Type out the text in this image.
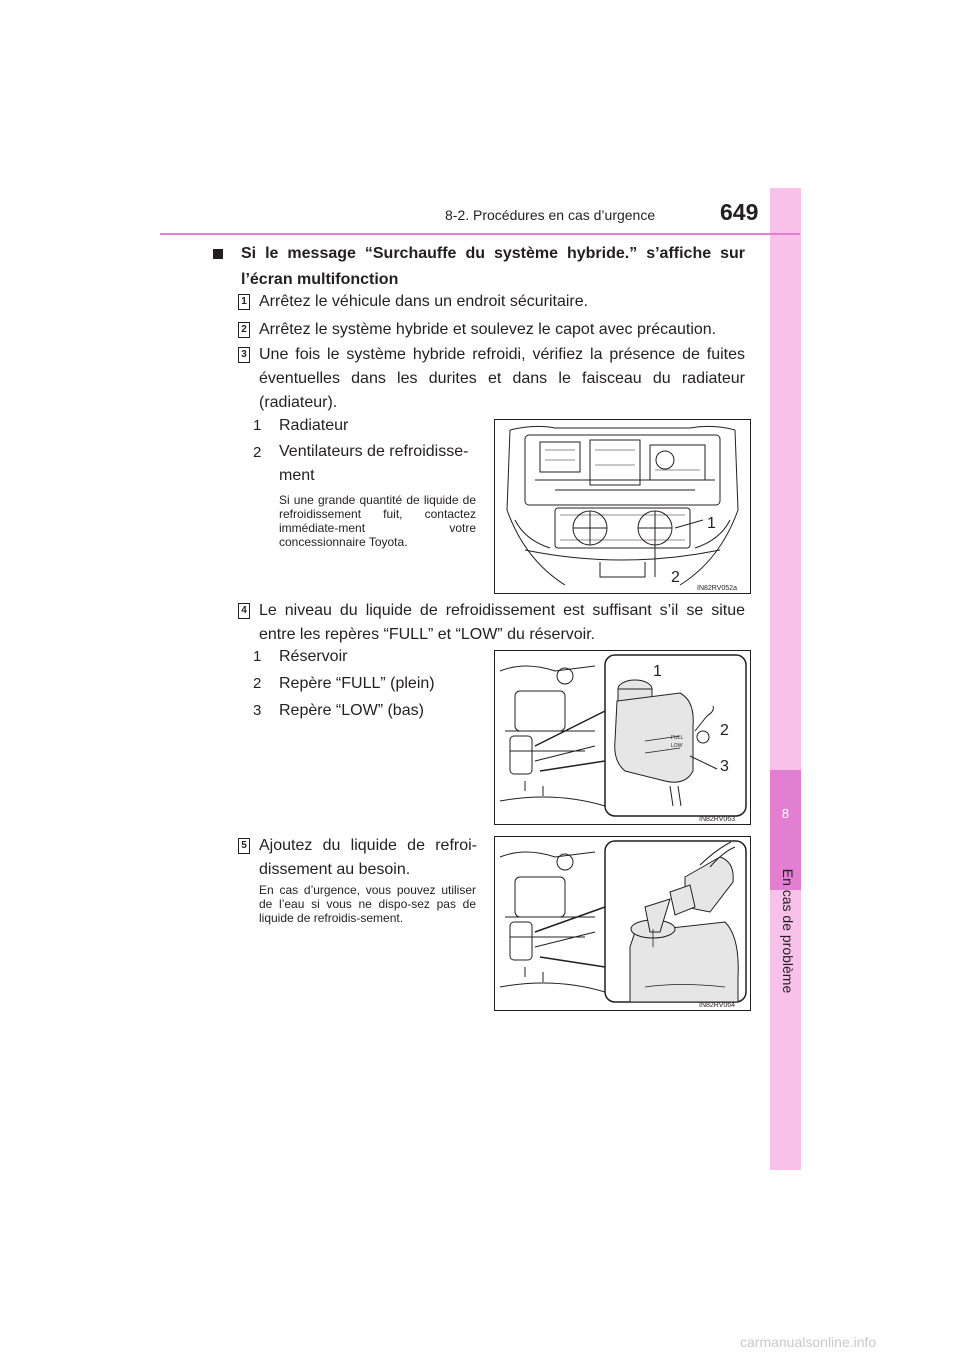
8
En cas de problème
8-2. Procédures en cas d’urgence	649
Si le message “Surchauffe du système hybride.” s’affiche sur l’écran multifonction
1 Arrêtez le véhicule dans un endroit sécuritaire.
2 Arrêtez le système hybride et soulevez le capot avec précaution.
3 Une fois le système hybride refroidi, vérifiez la présence de fuites éventuelles dans les durites et dans le faisceau du radiateur (radiateur).
1 Radiateur
2 Ventilateurs de refroidisse-ment
Si une grande quantité de liquide de refroidissement fuit, contactez immédiate-ment votre concessionnaire Toyota.
1
2
IN82RV052a
4 Le niveau du liquide de refroidissement est suffisant s’il se situe entre les repères “FULL” et “LOW” du réservoir.
1 Réservoir
2 Repère “FULL” (plein)
3 Repère “LOW” (bas)
FULL
LOW
1
2
3
IN82RV063
5 Ajoutez du liquide de refroi-dissement au besoin.
En cas d’urgence, vous pouvez utiliser de l’eau si vous ne dispo-sez pas de liquide de refroidis-sement.
IN82RV064
carmanualsonline.info
